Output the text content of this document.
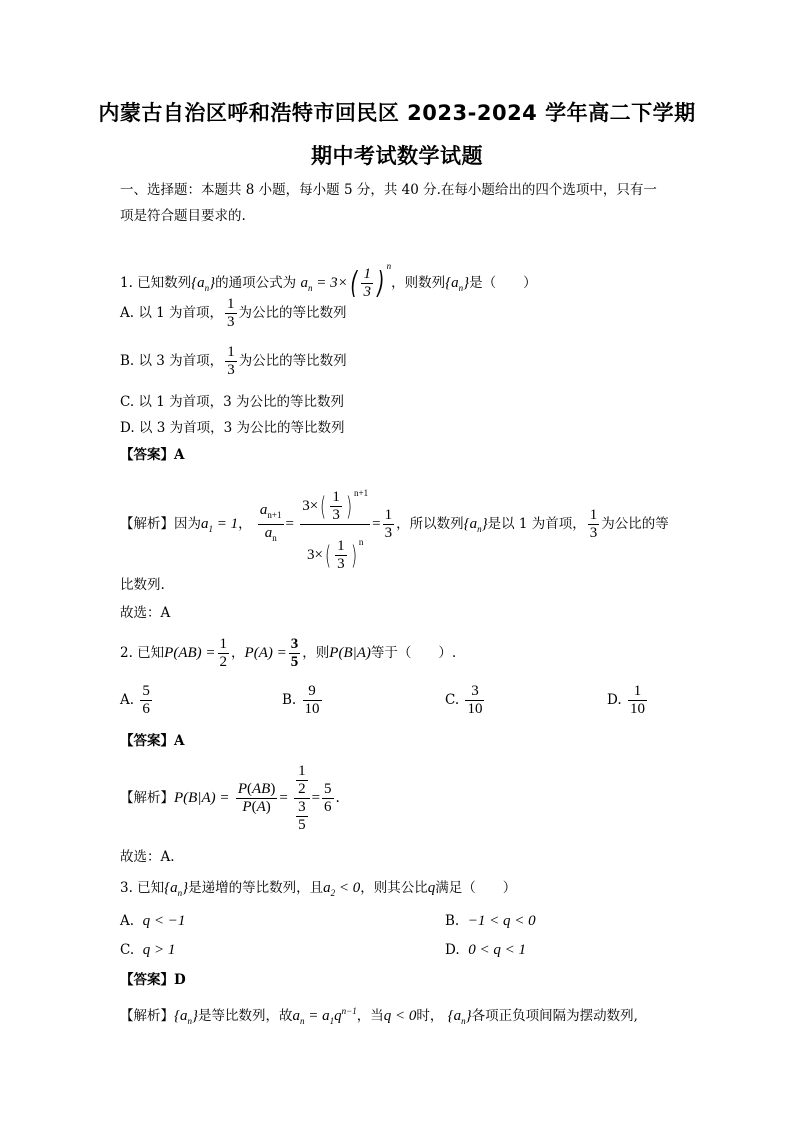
内蒙古自治区呼和浩特市回民区 2023-2024 学年高二下学期
期中考试数学试题
一、选择题：本题共 8 小题，每小题 5 分，共 40 分.在每小题给出的四个选项中，只有一
项是符合题目要求的.
1. 已知数列$\{a_n\}$的通项公式为 $a_n = 3\times( \frac{1}{3}$ ) $^n$，则数列$\{a_n\}$是（　　）
A. 以 1 为首项， $\frac{1}{3}$ 为公比的等比数列
B. 以 3 为首项， $\frac{1}{3}$ 为公比的等比数列
C. 以 1 为首项，3 为公比的等比数列
D. 以 3 为首项，3 为公比的等比数列
【答案】A
【解析】因为$a_1 = 1$， $\frac{a_{n+1}}{a_n} = \frac{3\times( \frac{1}{3} ) ^{n+1}}{3\times( \frac{1}{3} ) ^n} = \frac{1}{3}$ ，所以数列$\{a_n\}$是以 1 为首项， $\frac{1}{3}$ 为公比的等
比数列.
故选：A
2. 已知$P(AB) = \frac{1}{2}$ ，$P(A) = \frac{3}{5}$ ，则P(B|A)等于（　　）.
A. $\frac{5}{6}$	B. $\frac{9}{10}$	C. $\frac{3}{10}$	D. $\frac{1}{10}$
【答案】A
【解析】$P(B|A) = \frac{P(AB)}{P(A)} = \frac{\frac{1}{2}}{\frac{3}{5}} = \frac{5}{6}$ .
故选：A.
3. 已知$\{a_n\}$是递增的等比数列，且$a_2 < 0$，则其公比q满足（　　）
A. q < −1	B. −1 < q < 0
C. q > 1	D. 0 < q < 1
【答案】D
【解析】$\{a_n\}$是等比数列，故$a_n = a_1q^{n-1}$，当q < 0时， $\{a_n\}$各项正负项间隔为摆动数列,
